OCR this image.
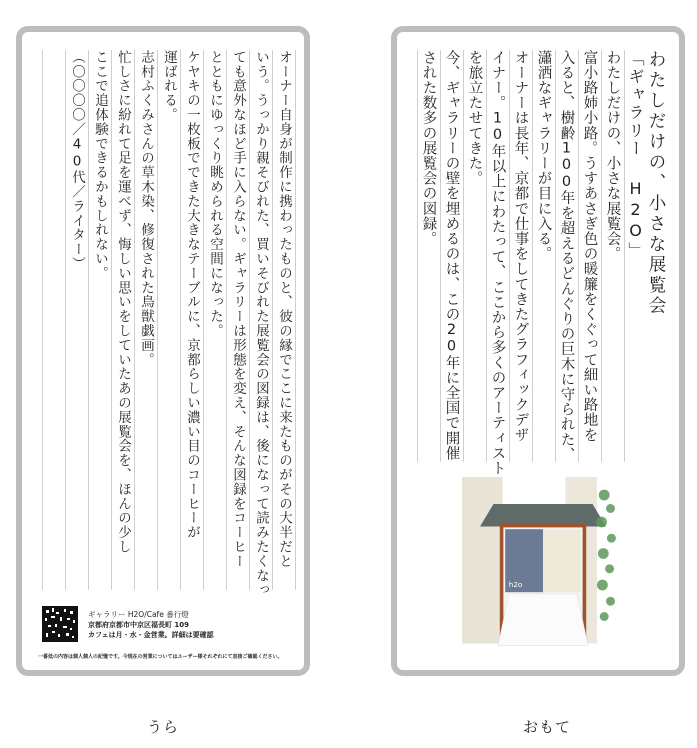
オーナー自身が制作に携わったものと、彼の縁でここに来たものがその大半だと
いう。うっかり親そびれた、買いそびれた展覧会の図録は、後になって読みたくなっ
ても意外なほど手に入らない。ギャラリーは形態を変え、そんな図録をコーヒー
とともにゆっくり眺められる空間になった。
ケヤキの一枚板でできた大きなテーブルに、京都らしい濃い目のコーヒーが
運ばれる。
志村ふくみさんの草木染、修復された鳥獣戯画。
忙しさに紛れて足を運べず、悔しい思いをしていたあの展覧会を、ほんの少し
ここで追体験できるかもしれない。
（〇〇〇〇／40代／ライター）
ギャラリー H2O/Cafe 番行燈
京都府京都市中京区福長町 109
カフェは月・水・金営業。詳細は要確認
一番低の内容は個人個人の記憶です。今現在の営業についてはユーザー様それぞれにて直接ご確認ください。
わたしだけの、小さな展覧会
「ギャラリー H2O」
わたしだけの、小さな展覧会。
富小路姉小路。うすあさぎ色の暖簾をくぐって細い路地を
入ると、樹齢100年を超えるどんぐりの巨木に守られた、
瀟洒なギャラリーが目に入る。
オーナーは長年、京都で仕事をしてきたグラフィックデザ
イナー。10年以上にわたって、ここから多くのアーティスト
を旅立たせてきた。
今、ギャラリーの壁を埋めるのは、この20年に全国で開催
された数多の展覧会の図録。
h2o
うら	おもて
